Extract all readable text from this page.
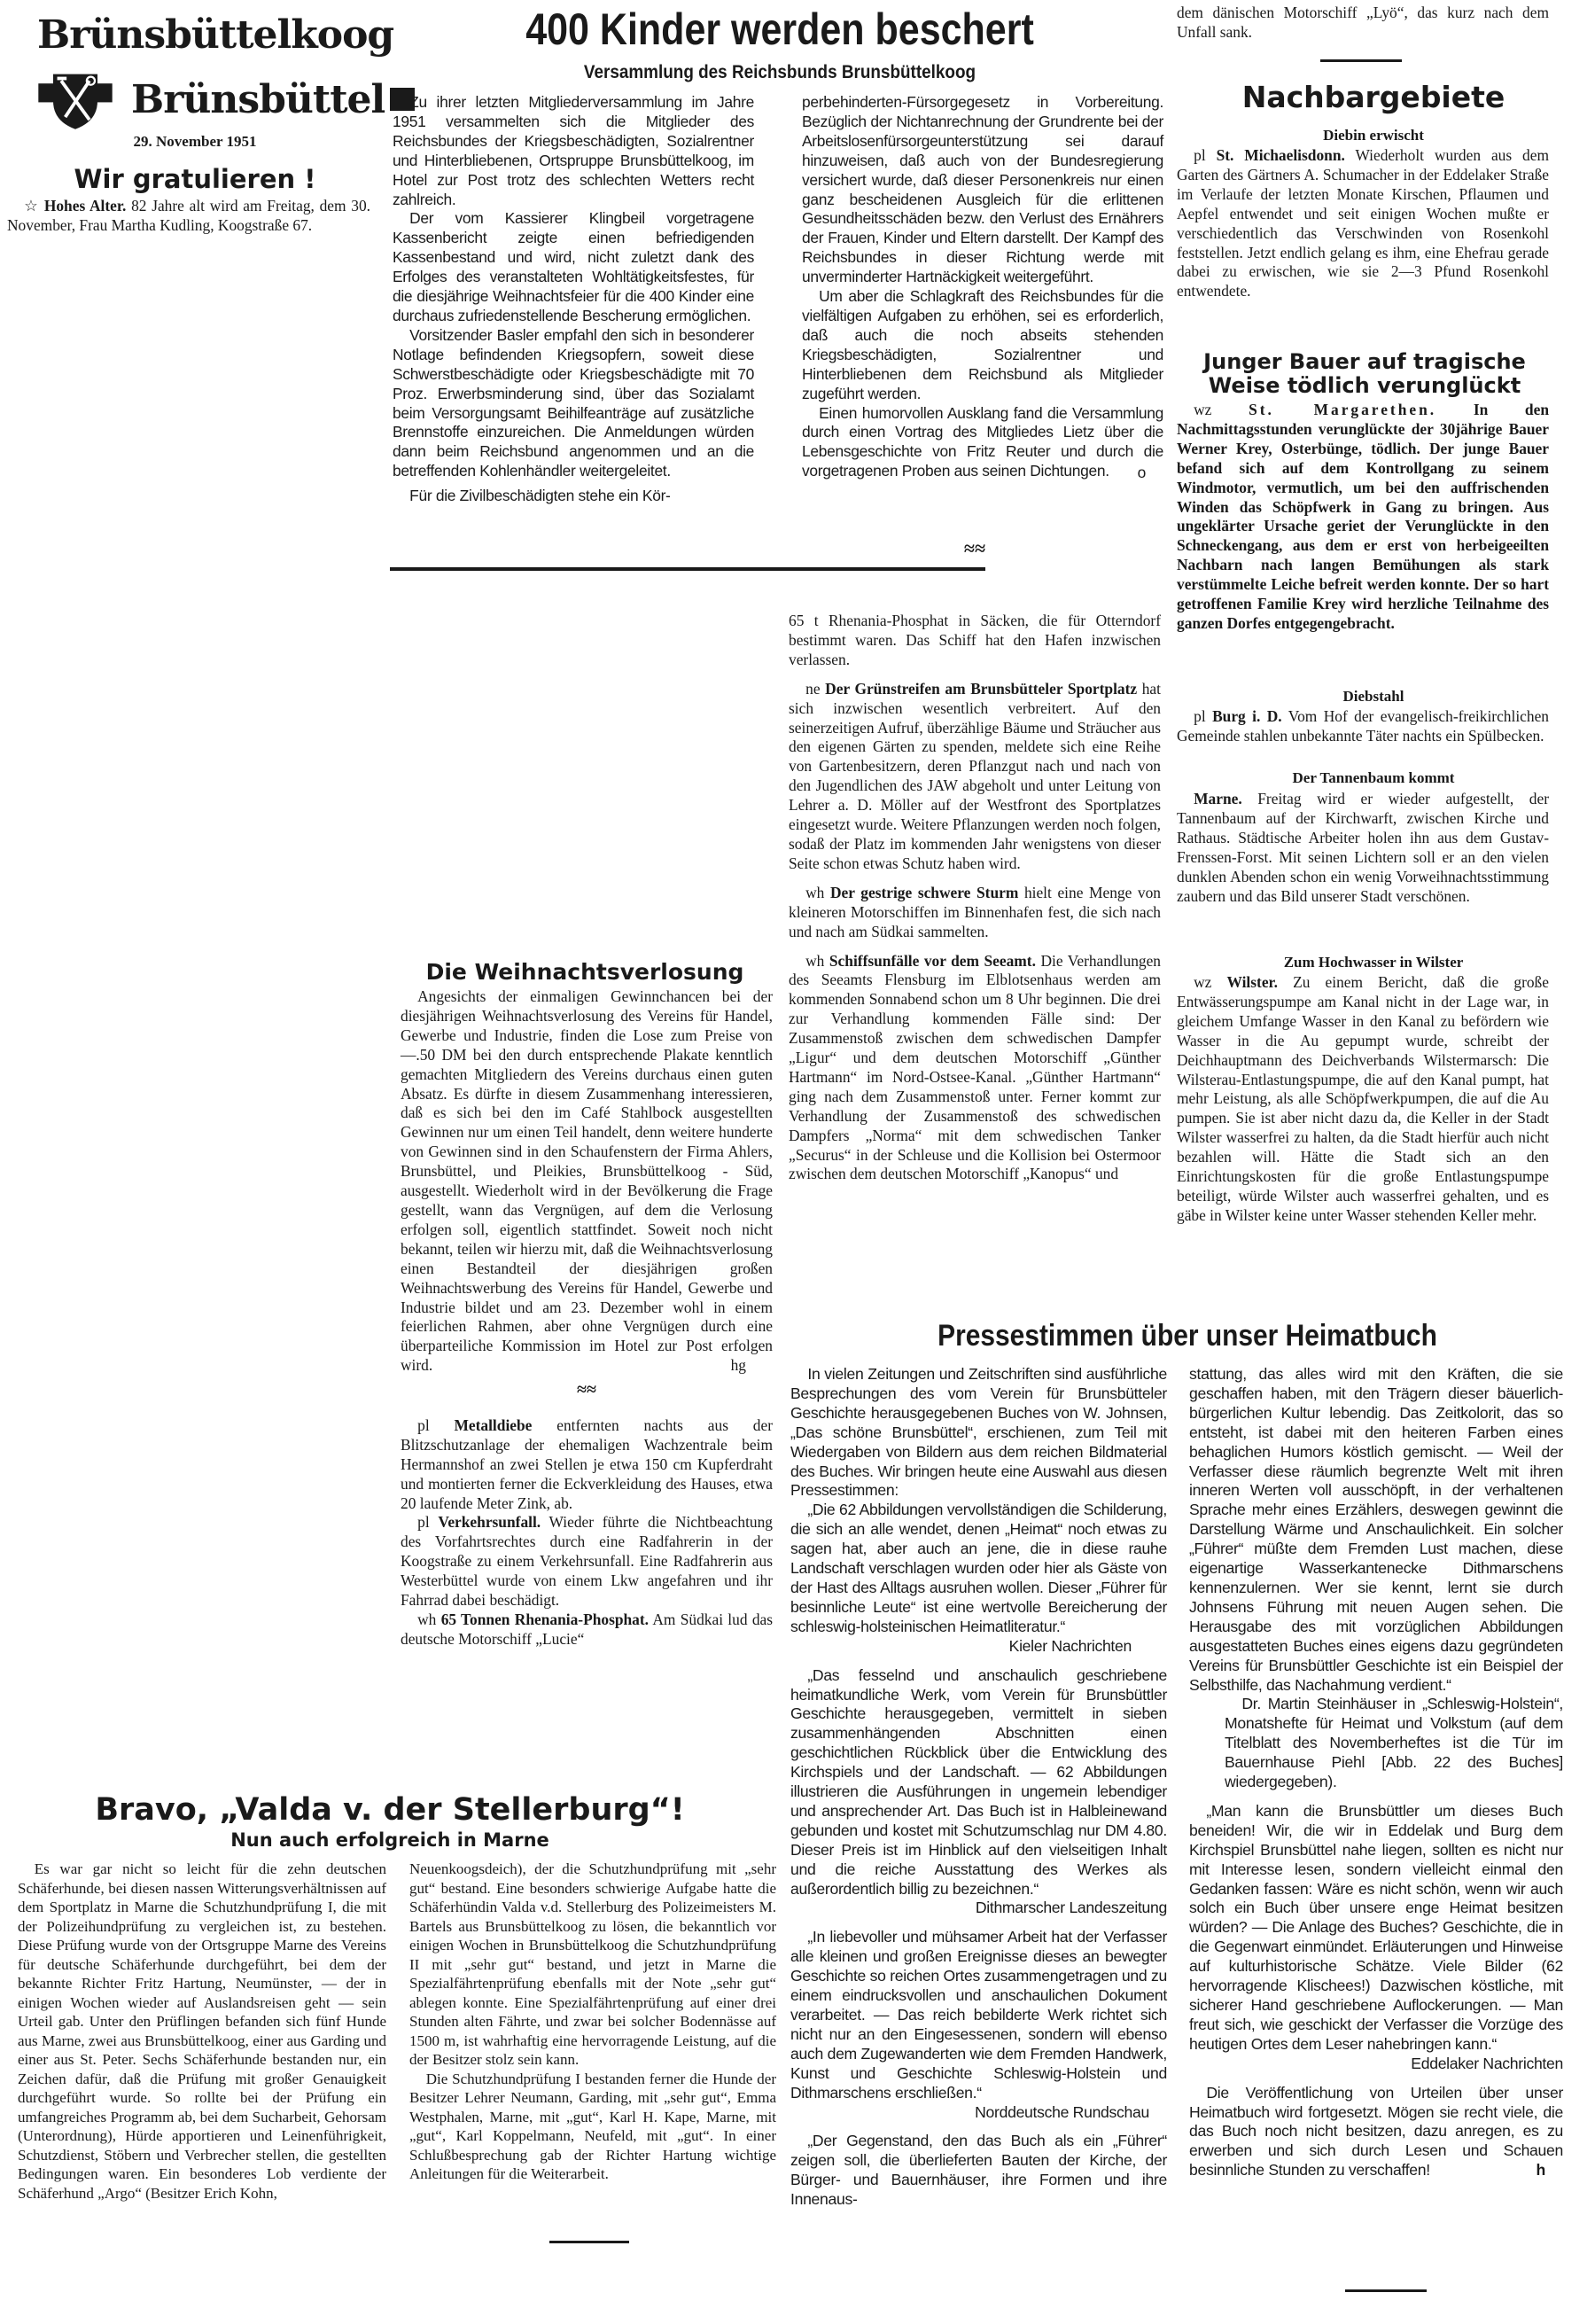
Brünsbüttelkoog
Brünsbüttel
29. November 1951
Wir gratulieren !

☆ Hohes Alter. 82 Jahre alt wird am Freitag, dem 30. November, Frau Martha Kudling, Koogstraße 67.

400 Kinder werden beschert
Versammlung des Reichsbunds Brunsbüttelkoog

Zu ihrer letzten Mitgliederversammlung im Jahre 1951 versammelten sich die Mitglieder des Reichsbundes der Kriegsbeschädigten, Sozialrentner und Hinterbliebenen, Ortspruppe Brunsbüttelkoog, im Hotel zur Post trotz des schlechten Wetters recht zahlreich.

Der vom Kassierer Klingbeil vorgetragene Kassenbericht zeigte einen befriedigenden Kassenbestand und wird, nicht zuletzt dank des Erfolges des veranstalteten Wohltätigkeitsfestes, für die diesjährige Weihnachtsfeier für die 400 Kinder eine durchaus zufriedenstellende Bescherung ermöglichen.

Vorsitzender Basler empfahl den sich in besonderer Notlage befindenden Kriegsopfern, soweit diese Schwerstbeschädigte oder Kriegsbeschädigte mit 70 Proz. Erwerbsminderung sind, über das Sozialamt beim Versorgungsamt Beihilfeanträge auf zusätzliche Brennstoffe einzureichen. Die Anmeldungen würden dann beim Reichsbund angenommen und an die betreffenden Kohlenhändler weitergeleitet.

Für die Zivilbeschädigten stehe ein Kör-

perbehinderten-Fürsorgegesetz in Vorbereitung. Bezüglich der Nichtanrechnung der Grundrente bei der Arbeitslosenfürsorgeunterstützung sei darauf hinzuweisen, daß auch von der Bundesregierung versichert wurde, daß dieser Personenkreis nur einen ganz bescheidenen Ausgleich für die erlittenen Gesundheitsschäden bezw. den Verlust des Ernährers der Frauen, Kinder und Eltern darstellt. Der Kampf des Reichsbundes in dieser Richtung werde mit unverminderter Hartnäckigkeit weitergeführt.

Um aber die Schlagkraft des Reichsbundes für die vielfältigen Aufgaben zu erhöhen, sei es erforderlich, daß auch die noch abseits stehenden Kriegsbeschädigten, Sozialrentner und Hinterbliebenen dem Reichsbund als Mitglieder zugeführt werden.

Einen humorvollen Ausklang fand die Versammlung durch einen Vortrag des Mitgliedes Lietz über die Lebensgeschichte von Fritz Reuter und durch die vorgetragenen Proben aus seinen Dichtungen.	o
≈≈

dem dänischen Motorschiff „Lyö“, das kurz nach dem Unfall sank.

Nachbargebiete
Diebin erwischt

pl St. Michaelisdonn. Wiederholt wurden aus dem Garten des Gärtners A. Schumacher in der Eddelaker Straße im Verlaufe der letzten Monate Kirschen, Pflaumen und Aepfel entwendet und seit einigen Wochen mußte er verschiedentlich das Verschwinden von Rosenkohl feststellen. Jetzt endlich gelang es ihm, eine Ehefrau gerade dabei zu erwischen, wie sie 2—3 Pfund Rosenkohl entwendete.

Junger Bauer auf tragische Weise tödlich verunglückt

wz St. Margarethen. In den Nachmittagsstunden verunglückte der 30jährige Bauer Werner Krey, Osterbünge, tödlich. Der junge Bauer befand sich auf dem Kontrollgang zu seinem Windmotor, vermutlich, um bei den auffrischenden Winden das Schöpfwerk in Gang zu bringen. Aus ungeklärter Ursache geriet der Verunglückte in den Schneckengang, aus dem er erst von herbeigeeilten Nachbarn nach langen Bemühungen als stark verstümmelte Leiche befreit werden konnte. Der so hart getroffenen Familie Krey wird herzliche Teilnahme des ganzen Dorfes entgegengebracht.

Diebstahl

pl Burg i. D. Vom Hof der evangelisch-freikirchlichen Gemeinde stahlen unbekannte Täter nachts ein Spülbecken.

Der Tannenbaum kommt

Marne. Freitag wird er wieder aufgestellt, der Tannenbaum auf der Kirchwarft, zwischen Kirche und Rathaus. Städtische Arbeiter holen ihn aus dem Gustav-Frenssen-Forst. Mit seinen Lichtern soll er an den vielen dunklen Abenden schon ein wenig Vorweihnachtsstimmung zaubern und das Bild unserer Stadt verschönen.

Zum Hochwasser in Wilster

wz Wilster. Zu einem Bericht, daß die große Entwässerungspumpe am Kanal nicht in der Lage war, in gleichem Umfange Wasser in den Kanal zu befördern wie Wasser in die Au gepumpt wurde, schreibt der Deichhauptmann des Deichverbands Wilstermarsch: Die Wilsterau-Entlastungspumpe, die auf den Kanal pumpt, hat mehr Leistung, als alle Schöpfwerkpumpen, die auf die Au pumpen. Sie ist aber nicht dazu da, die Keller in der Stadt Wilster wasserfrei zu halten, da die Stadt hierfür auch nicht bezahlen will. Hätte die Stadt sich an den Einrichtungskosten für die große Entlastungspumpe beteiligt, würde Wilster auch wasserfrei gehalten, und es gäbe in Wilster keine unter Wasser stehenden Keller mehr.

65 t Rhenania-Phosphat in Säcken, die für Otterndorf bestimmt waren. Das Schiff hat den Hafen inzwischen verlassen.

ne Der Grünstreifen am Brunsbütteler Sportplatz hat sich inzwischen wesentlich verbreitert. Auf den seinerzeitigen Aufruf, überzählige Bäume und Sträucher aus den eigenen Gärten zu spenden, meldete sich eine Reihe von Gartenbesitzern, deren Pflanzgut nach und nach von den Jugendlichen des JAW abgeholt und unter Leitung von Lehrer a. D. Möller auf der Westfront des Sportplatzes eingesetzt wurde. Weitere Pflanzungen werden noch folgen, sodaß der Platz im kommenden Jahr wenigstens von dieser Seite schon etwas Schutz haben wird.

wh Der gestrige schwere Sturm hielt eine Menge von kleineren Motorschiffen im Binnenhafen fest, die sich nach und nach am Südkai sammelten.

wh Schiffsunfälle vor dem Seeamt. Die Verhandlungen des Seeamts Flensburg im Elblotsenhaus werden am kommenden Sonnabend schon um 8 Uhr beginnen. Die drei zur Verhandlung kommenden Fälle sind: Der Zusammenstoß zwischen dem schwedischen Dampfer „Ligur“ und dem deutschen Motorschiff „Günther Hartmann“ im Nord-Ostsee-Kanal. „Günther Hartmann“ ging nach dem Zusammenstoß unter. Ferner kommt zur Verhandlung der Zusammenstoß des schwedischen Dampfers „Norma“ mit dem schwedischen Tanker „Securus“ in der Schleuse und die Kollision bei Ostermoor zwischen dem deutschen Motorschiff „Kanopus“ und

Die Weihnachtsverlosung

Angesichts der einmaligen Gewinnchancen bei der diesjährigen Weihnachtsverlosung des Vereins für Handel, Gewerbe und Industrie, finden die Lose zum Preise von —.50 DM bei den durch entsprechende Plakate kenntlich gemachten Mitgliedern des Vereins durchaus einen guten Absatz. Es dürfte in diesem Zusammenhang interessieren, daß es sich bei den im Café Stahlbock ausgestellten Gewinnen nur um einen Teil handelt, denn weitere hunderte von Gewinnen sind in den Schaufenstern der Firma Ahlers, Brunsbüttel, und Pleikies, Brunsbüttelkoog - Süd, ausgestellt. Wiederholt wird in der Bevölkerung die Frage gestellt, wann das Vergnügen, auf dem die Verlosung erfolgen soll, eigentlich stattfindet. Soweit noch nicht bekannt, teilen wir hierzu mit, daß die Weihnachtsverlosung einen Bestandteil der diesjährigen großen Weihnachtswerbung des Vereins für Handel, Gewerbe und Industrie bildet und am 23. Dezember wohl in einem feierlichen Rahmen, aber ohne Vergnügen durch eine überparteiliche Kommission im Hotel zur Post erfolgen wird.	hg
≈≈

pl Metalldiebe entfernten nachts aus der Blitzschutzanlage der ehemaligen Wachzentrale beim Hermannshof an zwei Stellen je etwa 150 cm Kupferdraht und montierten ferner die Eckverkleidung des Hauses, etwa 20 laufende Meter Zink, ab.

pl Verkehrsunfall. Wieder führte die Nichtbeachtung des Vorfahrtsrechtes durch eine Radfahrerin in der Koogstraße zu einem Verkehrsunfall. Eine Radfahrerin aus Westerbüttel wurde von einem Lkw angefahren und ihr Fahrrad dabei beschädigt.

wh 65 Tonnen Rhenania-Phosphat. Am Südkai lud das deutsche Motorschiff „Lucie“

Pressestimmen über unser Heimatbuch

In vielen Zeitungen und Zeitschriften sind ausführliche Besprechungen des vom Verein für Brunsbütteler Geschichte herausgegebenen Buches von W. Johnsen, „Das schöne Brunsbüttel“, erschienen, zum Teil mit Wiedergaben von Bildern aus dem reichen Bildmaterial des Buches. Wir bringen heute eine Auswahl aus diesen Pressestimmen:

„Die 62 Abbildungen vervollständigen die Schilderung, die sich an alle wendet, denen „Heimat“ noch etwas zu sagen hat, aber auch an jene, die in diese rauhe Landschaft verschlagen wurden oder hier als Gäste von der Hast des Alltags ausruhen wollen. Dieser „Führer für besinnliche Leute“ ist eine wertvolle Bereicherung der schleswig-holsteinischen Heimatliteratur.“

Kieler Nachrichten

„Das fesselnd und anschaulich geschriebene heimatkundliche Werk, vom Verein für Brunsbüttler Geschichte herausgegeben, vermittelt in sieben zusammenhängenden Abschnitten einen geschichtlichen Rückblick über die Entwicklung des Kirchspiels und der Landschaft. — 62 Abbildungen illustrieren die Ausführungen in ungemein lebendiger und ansprechender Art. Das Buch ist in Halbleinewand gebunden und kostet mit Schutzumschlag nur DM 4.80. Dieser Preis ist im Hinblick auf den vielseitigen Inhalt und die reiche Ausstattung des Werkes als außerordentlich billig zu bezeichnen.“

Dithmarscher Landeszeitung

„In liebevoller und mühsamer Arbeit hat der Verfasser alle kleinen und großen Ereignisse dieses an bewegter Geschichte so reichen Ortes zusammengetragen und zu einem eindrucksvollen und anschaulichen Dokument verarbeitet. — Das reich bebilderte Werk richtet sich nicht nur an den Eingesessenen, sondern will ebenso auch dem Zugewanderten wie dem Fremden Handwerk, Kunst und Geschichte Schleswig-Holstein und Dithmarschens erschließen.“

Norddeutsche Rundschau

„Der Gegenstand, den das Buch als ein „Führer“ zeigen soll, die überlieferten Bauten der Kirche, der Bürger- und Bauernhäuser, ihre Formen und ihre Innenaus-

stattung, das alles wird mit den Kräften, die sie geschaffen haben, mit den Trägern dieser bäuerlich-bürgerlichen Kultur lebendig. Das Zeitkolorit, das so entsteht, ist dabei mit den heiteren Farben eines behaglichen Humors köstlich gemischt. — Weil der Verfasser diese räumlich begrenzte Welt mit ihren inneren Werten voll ausschöpft, in der verhaltenen Sprache mehr eines Erzählers, deswegen gewinnt die Darstellung Wärme und Anschaulichkeit. Ein solcher „Führer“ müßte dem Fremden Lust machen, diese eigenartige Wasserkantenecke Dithmarschens kennenzulernen. Wer sie kennt, lernt sie durch Johnsens Führung mit neuen Augen sehen. Die Herausgabe des mit vorzüglichen Abbildungen ausgestatteten Buches eines eigens dazu gegründeten Vereins für Brunsbüttler Geschichte ist ein Beispiel der Selbsthilfe, das Nachahmung verdient.“

Dr. Martin Steinhäuser in „Schleswig-Holstein“, Monatshefte für Heimat und Volkstum (auf dem Titelblatt des Novemberheftes ist die Tür im Bauernhause Piehl [Abb. 22 des Buches] wiedergegeben).

„Man kann die Brunsbüttler um dieses Buch beneiden! Wir, die wir in Eddelak und Burg dem Kirchspiel Brunsbüttel nahe liegen, sollten es nicht nur mit Interesse lesen, sondern vielleicht einmal den Gedanken fassen: Wäre es nicht schön, wenn wir auch solch ein Buch über unsere enge Heimat besitzen würden? — Die Anlage des Buches? Geschichte, die in die Gegenwart einmündet. Erläuterungen und Hinweise auf kulturhistorische Schätze. Viele Bilder (62 hervorragende Klischees!) Dazwischen köstliche, mit sicherer Hand geschriebene Auflockerungen. — Man freut sich, wie geschickt der Verfasser die Vorzüge des heutigen Ortes dem Leser nahebringen kann.“

Eddelaker Nachrichten

Die Veröffentlichung von Urteilen über unser Heimatbuch wird fortgesetzt. Mögen sie recht viele, die das Buch noch nicht besitzen, dazu anregen, es zu erwerben und sich durch Lesen und Schauen besinnliche Stunden zu verschaffen!	h
Bravo, „Valda v. der Stellerburg“!
Nun auch erfolgreich in Marne

Es war gar nicht so leicht für die zehn deutschen Schäferhunde, bei diesen nassen Witterungsverhältnissen auf dem Sportplatz in Marne die Schutzhundprüfung I, die mit der Polizeihundprüfung zu vergleichen ist, zu bestehen. Diese Prüfung wurde von der Ortsgruppe Marne des Vereins für deutsche Schäferhunde durchgeführt, bei dem der bekannte Richter Fritz Hartung, Neumünster, — der in einigen Wochen wieder auf Auslandsreisen geht — sein Urteil gab. Unter den Prüflingen befanden sich fünf Hunde aus Marne, zwei aus Brunsbüttelkoog, einer aus Garding und einer aus St. Peter. Sechs Schäferhunde bestanden nur, ein Zeichen dafür, daß die Prüfung mit großer Genauigkeit durchgeführt wurde. So rollte bei der Prüfung ein umfangreiches Programm ab, bei dem Sucharbeit, Gehorsam (Unterordnung), Hürde apportieren und Leinenführigkeit, Schutzdienst, Stöbern und Verbrecher stellen, die gestellten Bedingungen waren. Ein besonderes Lob verdiente der Schäferhund „Argo“ (Besitzer Erich Kohn,

Neuenkoogsdeich), der die Schutzhundprüfung mit „sehr gut“ bestand. Eine besonders schwierige Aufgabe hatte die Schäferhündin Valda v.d. Stellerburg des Polizeimeisters M. Bartels aus Brunsbüttelkoog zu lösen, die bekanntlich vor einigen Wochen in Brunsbüttelkoog die Schutzhundprüfung II mit „sehr gut“ bestand, und jetzt in Marne die Spezialfährtenprüfung ebenfalls mit der Note „sehr gut“ ablegen konnte. Eine Spezialfährtenprüfung auf einer drei Stunden alten Fährte, und zwar bei solcher Bodennässe auf 1500 m, ist wahrhaftig eine hervorragende Leistung, auf die der Besitzer stolz sein kann.

Die Schutzhundprüfung I bestanden ferner die Hunde der Besitzer Lehrer Neumann, Garding, mit „sehr gut“, Emma Westphalen, Marne, mit „gut“, Karl H. Kape, Marne, mit „gut“, Karl Koppelmann, Neufeld, mit „gut“. In einer Schlußbesprechung gab der Richter Hartung wichtige Anleitungen für die Weiterarbeit.
